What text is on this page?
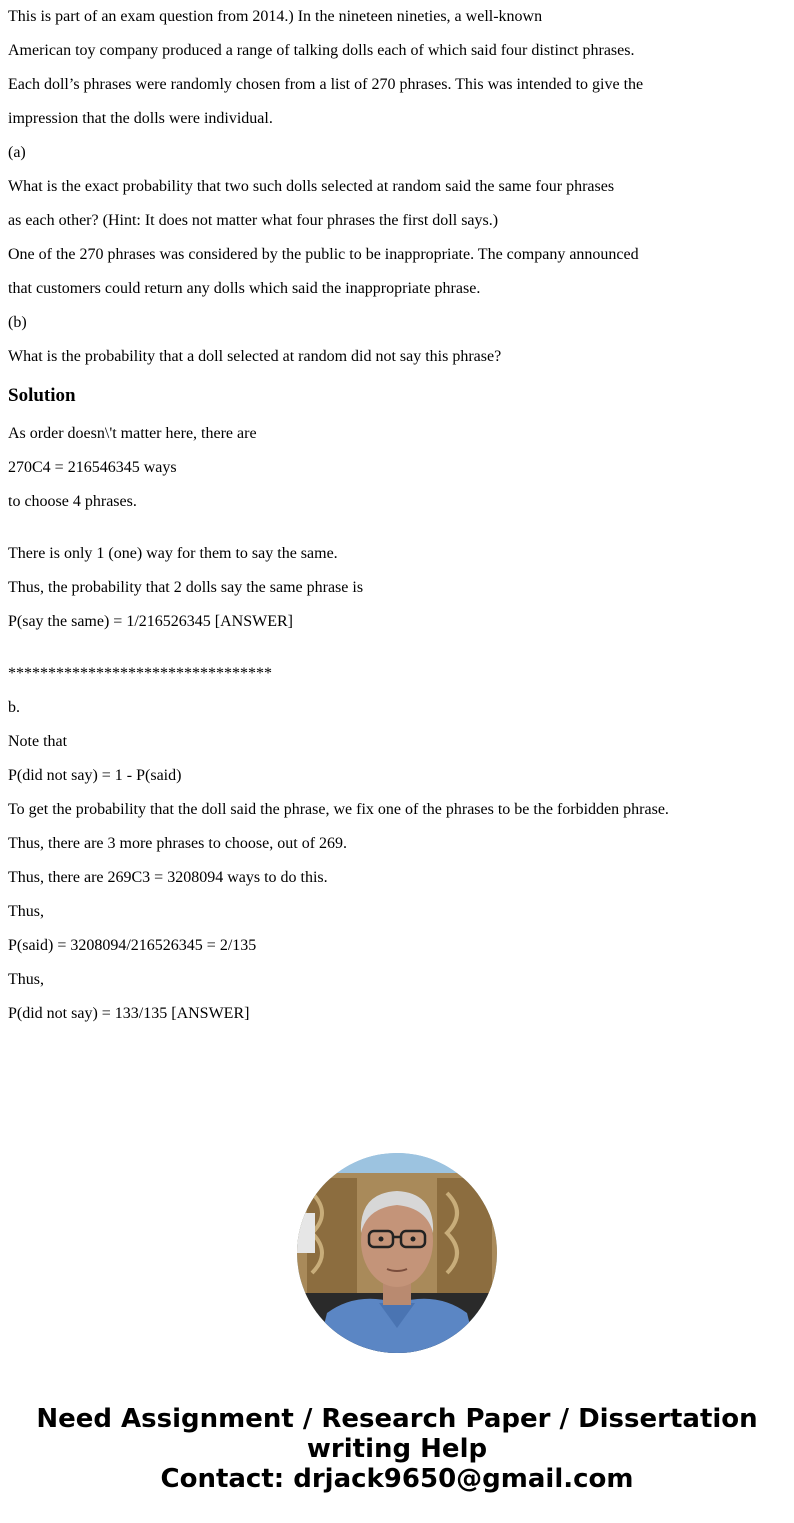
This is part of an exam question from 2014.) In the nineteen nineties, a well-known

American toy company produced a range of talking dolls each of which said four distinct phrases.

Each doll’s phrases were randomly chosen from a list of 270 phrases. This was intended to give the

impression that the dolls were individual.

(a)

What is the exact probability that two such dolls selected at random said the same four phrases

as each other? (Hint: It does not matter what four phrases the first doll says.)

One of the 270 phrases was considered by the public to be inappropriate. The company announced

that customers could return any dolls which said the inappropriate phrase.

(b)

What is the probability that a doll selected at random did not say this phrase?

Solution

As order doesn\'t matter here, there are

270C4 = 216546345 ways

to choose 4 phrases.

There is only 1 (one) way for them to say the same.

Thus, the probability that 2 dolls say the same phrase is

P(say the same) = 1/216526345 [ANSWER]

*********************************

b.

Note that

P(did not say) = 1 - P(said)

To get the probability that the doll said the phrase, we fix one of the phrases to be the forbidden phrase.

Thus, there are 3 more phrases to choose, out of 269.

Thus, there are 269C3 = 3208094 ways to do this.

Thus,

P(said) = 3208094/216526345 = 2/135

Thus,

P(did not say) = 133/135 [ANSWER]

Need Assignment / Research Paper / Dissertation
writing Help
Contact: drjack9650@gmail.com
